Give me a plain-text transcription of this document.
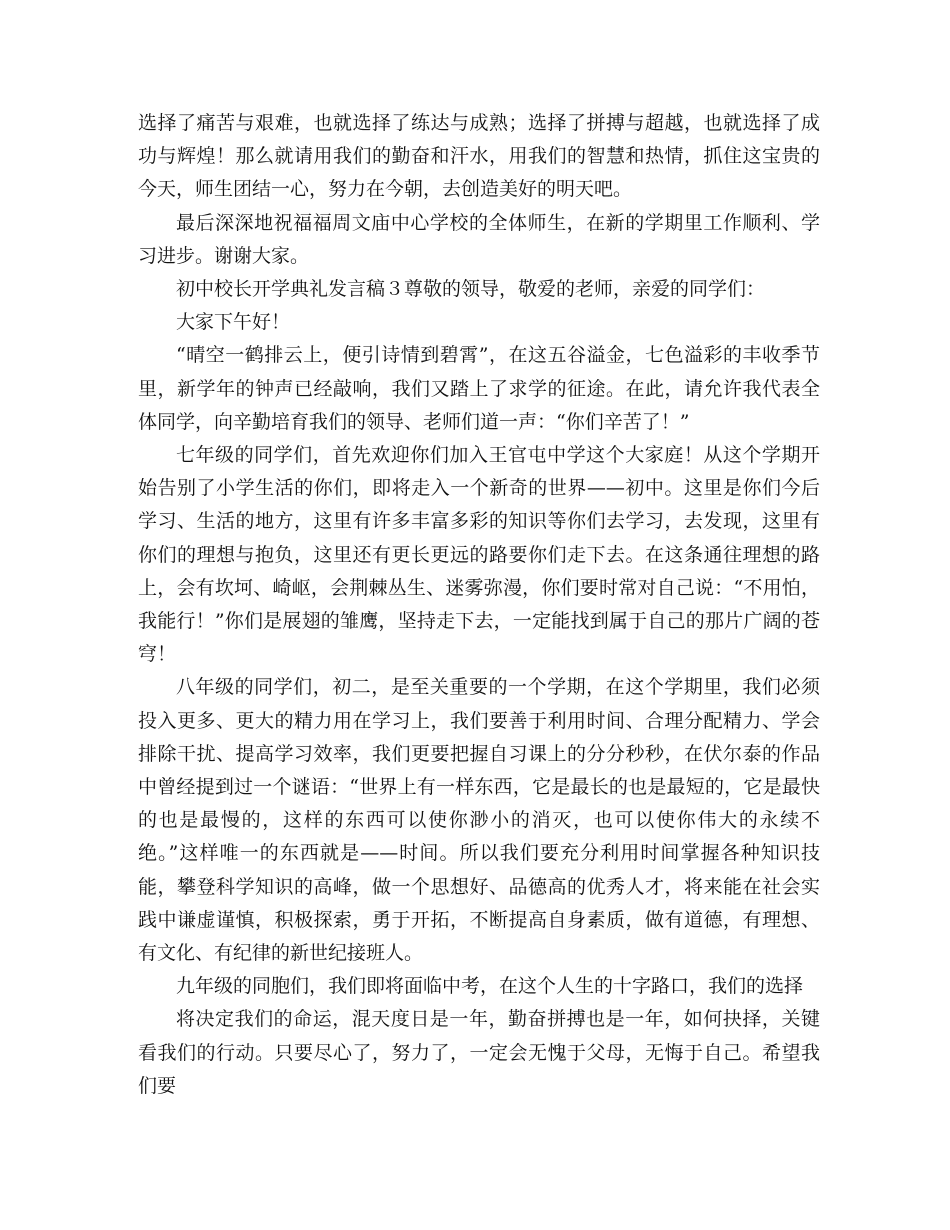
选择了痛苦与艰难，也就选择了练达与成熟；选择了拼搏与超越，也就选择了成功与辉煌！那么就请用我们的勤奋和汗水，用我们的智慧和热情，抓住这宝贵的今天，师生团结一心，努力在今朝，去创造美好的明天吧。

最后深深地祝福福周文庙中心学校的全体师生，在新的学期里工作顺利、学习进步。谢谢大家。

初中校长开学典礼发言稿３尊敬的领导，敬爱的老师，亲爱的同学们：

大家下午好！

“晴空一鹤排云上，便引诗情到碧霄”，在这五谷溢金，七色溢彩的丰收季节里，新学年的钟声已经敲响，我们又踏上了求学的征途。在此，请允许我代表全体同学，向辛勤培育我们的领导、老师们道一声：“你们辛苦了！”

七年级的同学们，首先欢迎你们加入王官屯中学这个大家庭！从这个学期开始告别了小学生活的你们，即将走入一个新奇的世界——初中。这里是你们今后学习、生活的地方，这里有许多丰富多彩的知识等你们去学习，去发现，这里有你们的理想与抱负，这里还有更长更远的路要你们走下去。在这条通往理想的路上，会有坎坷、崎岖，会荆棘丛生、迷雾弥漫，你们要时常对自己说：“不用怕，我能行！”你们是展翅的雏鹰，坚持走下去，一定能找到属于自己的那片广阔的苍穹！

八年级的同学们，初二，是至关重要的一个学期，在这个学期里，我们必须投入更多、更大的精力用在学习上，我们要善于利用时间、合理分配精力、学会排除干扰、提高学习效率，我们更要把握自习课上的分分秒秒，在伏尔泰的作品中曾经提到过一个谜语：“世界上有一样东西，它是最长的也是最短的，它是最快的也是最慢的，这样的东西可以使你渺小的消灭，也可以使你伟大的永续不绝。”这样唯一的东西就是——时间。所以我们要充分利用时间掌握各种知识技能，攀登科学知识的高峰，做一个思想好、品德高的优秀人才，将来能在社会实践中谦虚谨慎，积极探索，勇于开拓，不断提高自身素质，做有道德，有理想、有文化、有纪律的新世纪接班人。

九年级的同胞们，我们即将面临中考，在这个人生的十字路口，我们的选择

将决定我们的命运，混天度日是一年，勤奋拼搏也是一年，如何抉择，关键看我们的行动。只要尽心了，努力了，一定会无愧于父母，无悔于自己。希望我们要
